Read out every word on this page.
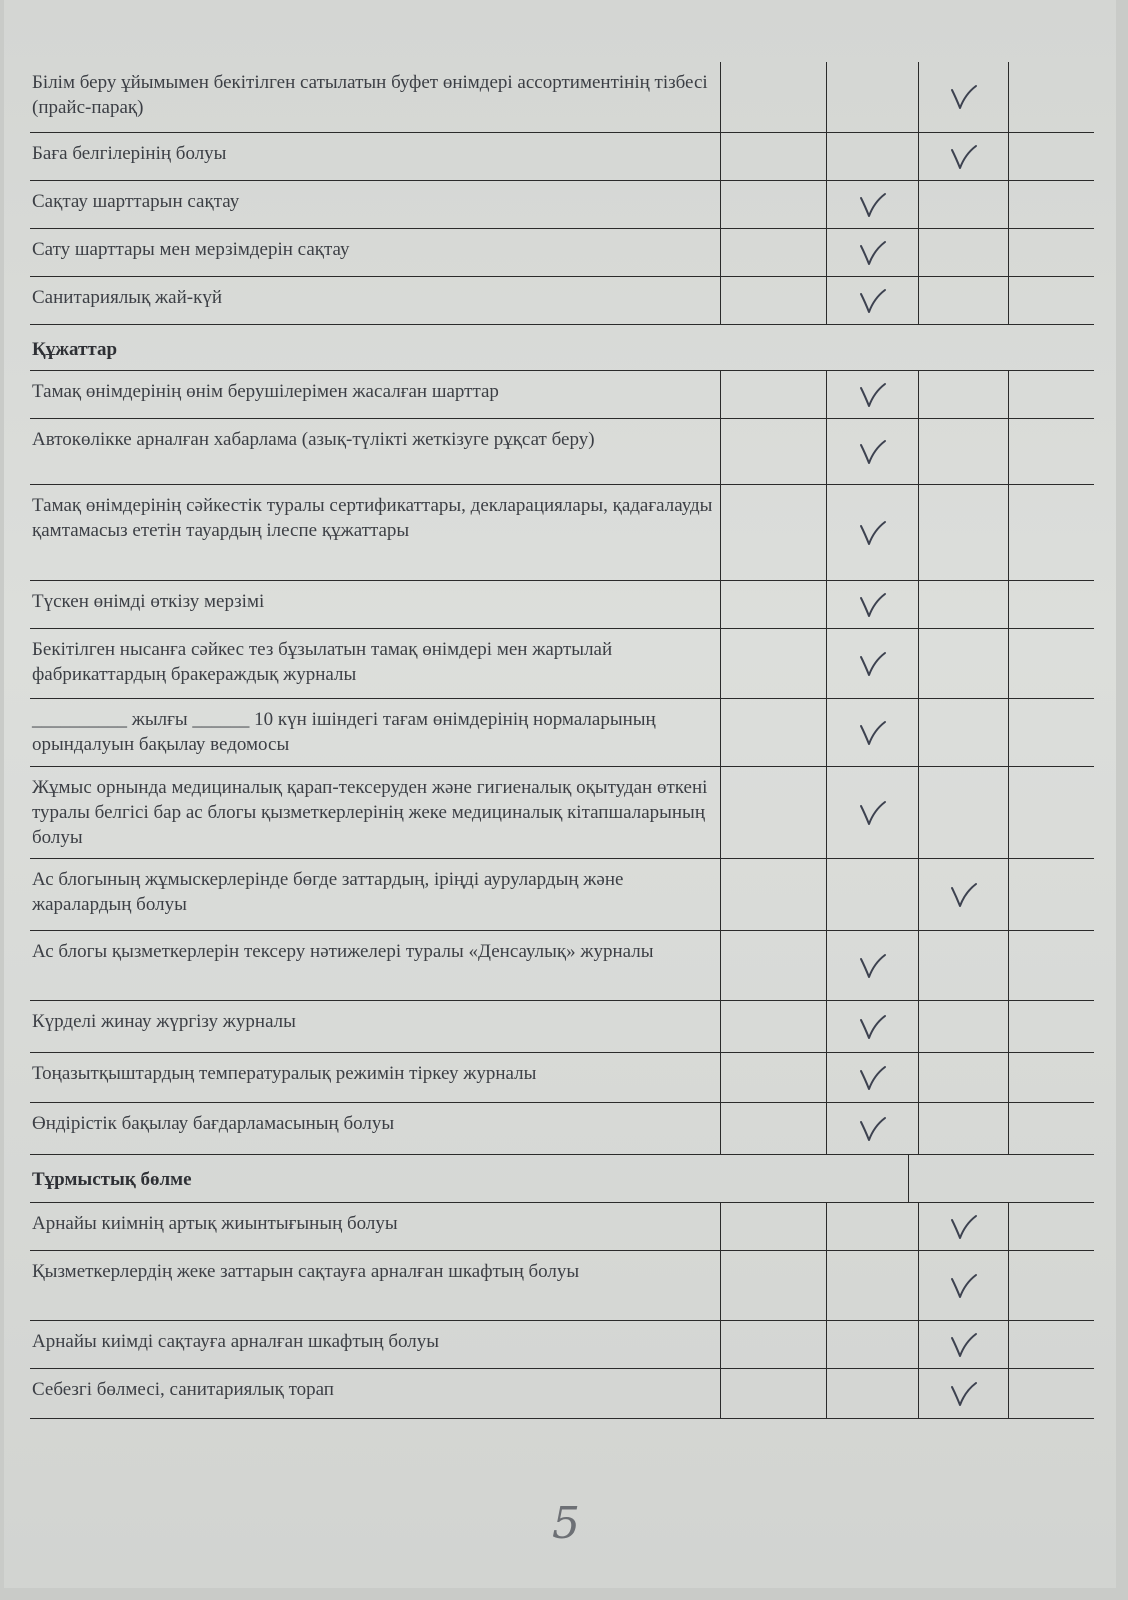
Білім беру ұйымымен бекітілген сатылатын буфет өнімдері ассортиментінің тізбесі (прайс-парақ)
Баға белгілерінің болуы
Сақтау шарттарын сақтау
Сату шарттары мен мерзімдерін сақтау
Санитариялық жай-күй
Құжаттар
Тамақ өнімдерінің өнім берушілерімен жасалған шарттар
Автокөлікке арналған хабарлама (азық-түлікті жеткізуге рұқсат беру)
Тамақ өнімдерінің сәйкестік туралы сертификаттары, декларациялары, қадағалауды қамтамасыз ететін тауардың ілеспе құжаттары
Түскен өнімді өткізу мерзімі
Бекітілген нысанға сәйкес тез бұзылатын тамақ өнімдері мен жартылай фабрикаттардың бракераждық журналы
__________ жылғы ______ 10 күн ішіндегі тағам өнімдерінің нормаларының орындалуын бақылау ведомосы
Жұмыс орнында медициналық қарап-тексеруден және гигиеналық оқытудан өткені туралы белгісі бар ас блогы қызметкерлерінің жеке медициналық кітапшаларының болуы
Ас блогының жұмыскерлерінде бөгде заттардың, іріңді аурулардың және жаралардың болуы
Ас блогы қызметкерлерін тексеру нәтижелері туралы «Денсаулық» журналы
Күрделі жинау жүргізу журналы
Тоңазытқыштардың температуралық режимін тіркеу журналы
Өндірістік бақылау бағдарламасының болуы
Тұрмыстық бөлме
Арнайы киімнің артық жиынтығының болуы
Қызметкерлердің жеке заттарын сақтауға арналған шкафтың болуы
Арнайы киімді сақтауға арналған шкафтың болуы
Себезгі бөлмесі, санитариялық торап
5
